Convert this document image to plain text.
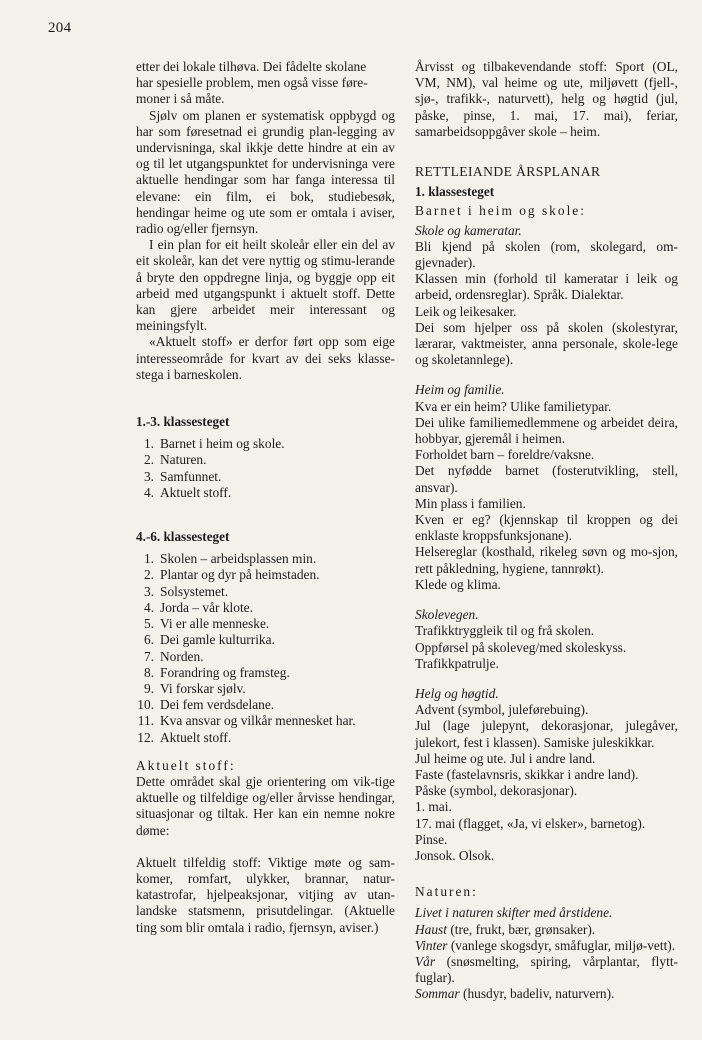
204

etter dei lokale tilhøva. Dei fådelte skolane

har spesielle problem, men også visse føre-

moner i så måte.

Sjølv om planen er systematisk oppbygd og har som føresetnad ei grundig plan-legging av undervisninga, skal ikkje dette hindre at ein av og til let utgangspunktet for undervisninga vere aktuelle hendingar som har fanga interessa til elevane: ein film, ei bok, studiebesøk, hendingar heime og ute som er omtala i aviser, radio og/eller fjernsyn.

I ein plan for eit heilt skoleår eller ein del av eit skoleår, kan det vere nyttig og stimu-lerande å bryte den oppdregne linja, og byggje opp eit arbeid med utgangspunkt i aktuelt stoff. Dette kan gjere arbeidet meir interessant og meiningsfylt.

«Aktuelt stoff» er derfor ført opp som eige interesseområde for kvart av dei seks klasse-stega i barneskolen.

1.-3. klassesteget

1. Barnet i heim og skole.
2. Naturen.
3. Samfunnet.
4. Aktuelt stoff.

4.-6. klassesteget

1. Skolen – arbeidsplassen min.
2. Plantar og dyr på heimstaden.
3. Solsystemet.
4. Jorda – vår klote.
5. Vi er alle menneske.
6. Dei gamle kulturrika.
7. Norden.
8. Forandring og framsteg.
9. Vi forskar sjølv.
10. Dei fem verdsdelane.
11. Kva ansvar og vilkår mennesket har.
12. Aktuelt stoff.

Aktuelt stoff:

Dette området skal gje orientering om vik-tige aktuelle og tilfeldige og/eller årvisse hendingar, situasjonar og tiltak. Her kan ein nemne nokre døme:

Aktuelt tilfeldig stoff: Viktige møte og sam-komer, romfart, ulykker, brannar, natur-katastrofar, hjelpeaksjonar, vitjing av utan-landske statsmenn, prisutdelingar. (Aktuelle ting som blir omtala i radio, fjernsyn, aviser.)

Årvisst og tilbakevendande stoff: Sport (OL, VM, NM), val heime og ute, miljøvett (fjell-, sjø-, trafikk-, naturvett), helg og høgtid (jul, påske, pinse, 1. mai, 17. mai), feriar, samarbeidsoppgåver skole – heim.

RETTLEIANDE ÅRSPLANAR

1. klassesteget

Barnet i heim og skole:

Skole og kameratar.

Bli kjend på skolen (rom, skolegard, om-gjevnader).

Klassen min (forhold til kameratar i leik og arbeid, ordensreglar). Språk. Dialektar.

Leik og leikesaker.

Dei som hjelper oss på skolen (skolestyrar, lærarar, vaktmeister, anna personale, skole-lege og skoletannlege).

Heim og familie.

Kva er ein heim? Ulike familietypar.

Dei ulike familiemedlemmene og arbeidet deira, hobbyar, gjeremål i heimen.

Forholdet barn – foreldre/vaksne.

Det nyfødde barnet (fosterutvikling, stell, ansvar).

Min plass i familien.

Kven er eg? (kjennskap til kroppen og dei enklaste kroppsfunksjonane).

Helsereglar (kosthald, rikeleg søvn og mo-sjon, rett påkledning, hygiene, tannrøkt).

Klede og klima.

Skolevegen.

Trafikktryggleik til og frå skolen.

Oppførsel på skoleveg/med skoleskyss.

Trafikkpatrulje.

Helg og høgtid.

Advent (symbol, juleførebuing).

Jul (lage julepynt, dekorasjonar, julegåver, julekort, fest i klassen). Samiske juleskikkar.

Jul heime og ute. Jul i andre land.

Faste (fastelavnsris, skikkar i andre land).

Påske (symbol, dekorasjonar).

1. mai.

17. mai (flagget, «Ja, vi elsker», barnetog).

Pinse.

Jonsok. Olsok.

Naturen:

Livet i naturen skifter med årstidene.

Haust (tre, frukt, bær, grønsaker).

Vinter (vanlege skogsdyr, småfuglar, miljø-vett).

Vår (snøsmelting, spiring, vårplantar, flytt-fuglar).

Sommar (husdyr, badeliv, naturvern).
